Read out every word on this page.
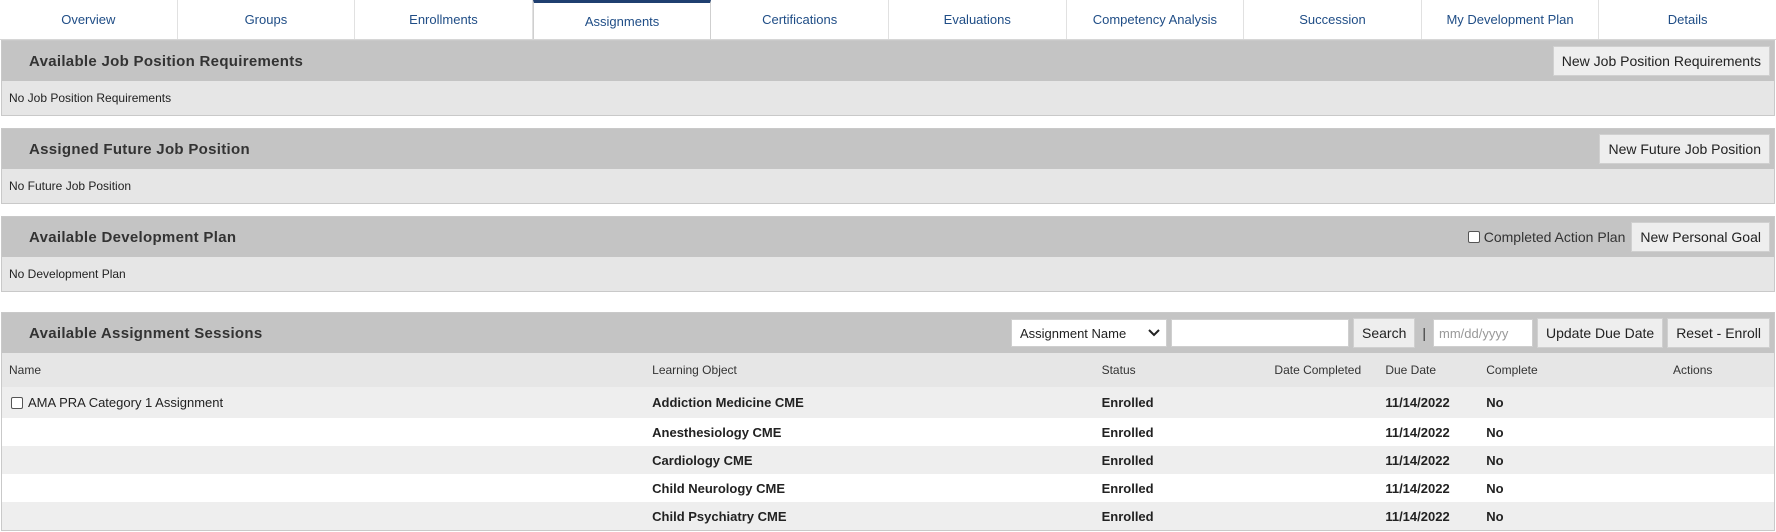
Overview	Groups	Enrollments	Assignments	Certifications	Evaluations	Competency Analysis	Succession	My Development Plan	Details
Available Job Position Requirements	New Job Position Requirements
No Job Position Requirements
Assigned Future Job Position	New Future Job Position
No Future Job Position
Available Development Plan	Completed Action Plan	New Personal Goal
No Development Plan
Available Assignment Sessions	Assignment Name	Search	|	mm/dd/yyyy	Update Due Date	Reset - Enroll
Name	Learning Object	Status	Date Completed	Due Date	Complete	Actions

AMA PRA Category 1 Assignment	Addiction Medicine CME	Enrolled		11/14/2022	No	
	Anesthesiology CME	Enrolled		11/14/2022	No	
	Cardiology CME	Enrolled		11/14/2022	No	
	Child Neurology CME	Enrolled		11/14/2022	No	
	Child Psychiatry CME	Enrolled		11/14/2022	No	
